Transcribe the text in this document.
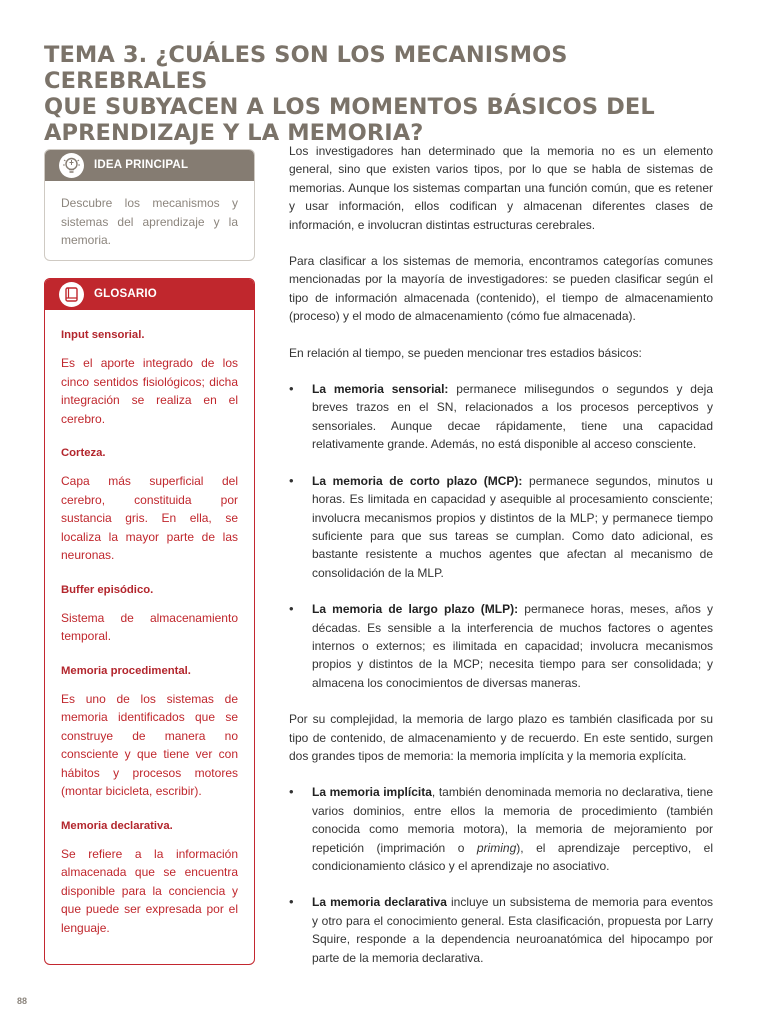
TEMA 3. ¿CUÁLES SON LOS MECANISMOS CEREBRALES
QUE SUBYACEN A LOS MOMENTOS BÁSICOS DEL
APRENDIZAJE Y LA MEMORIA?
IDEA PRINCIPAL
Descubre los mecanismos y sistemas del aprendizaje y la memoria.
GLOSARIO
Input sensorial.
Es el aporte integrado de los cinco sentidos fisiológicos; dicha integración se realiza en el cerebro.
Corteza.
Capa más superficial del cerebro, constituida por sustancia gris. En ella, se localiza la mayor parte de las neuronas.
Buffer episódico.
Sistema de almacenamiento temporal.
Memoria procedimental.
Es uno de los sistemas de memoria identificados que se construye de manera no consciente y que tiene ver con hábitos y procesos motores (montar bicicleta, escribir).
Memoria declarativa.
Se refiere a la información almacenada que se encuentra disponible para la conciencia y que puede ser expresada por el lenguaje.

Los investigadores han determinado que la memoria no es un elemento general, sino que existen varios tipos, por lo que se habla de sistemas de memorias. Aunque los sistemas compartan una función común, que es retener y usar información, ellos codifican y almacenan diferentes clases de información, e involucran distintas estructuras cerebrales.

Para clasificar a los sistemas de memoria, encontramos categorías comunes mencionadas por la mayoría de investigadores: se pueden clasificar según el tipo de información almacenada (contenido), el tiempo de almacenamiento (proceso) y el modo de almacenamiento (cómo fue almacenada).

En relación al tiempo, se pueden mencionar tres estadios básicos:

• La memoria sensorial: permanece milisegundos o segundos y deja breves trazos en el SN, relacionados a los procesos perceptivos y sensoriales. Aunque decae rápidamente, tiene una capacidad relativamente grande. Además, no está disponible al acceso consciente.
• La memoria de corto plazo (MCP): permanece segundos, minutos u horas. Es limitada en capacidad y asequible al procesamiento consciente; involucra mecanismos propios y distintos de la MLP; y permanece tiempo suficiente para que sus tareas se cumplan. Como dato adicional, es bastante resistente a muchos agentes que afectan al mecanismo de consolidación de la MLP.
• La memoria de largo plazo (MLP): permanece horas, meses, años y décadas. Es sensible a la interferencia de muchos factores o agentes internos o externos; es ilimitada en capacidad; involucra mecanismos propios y distintos de la MCP; necesita tiempo para ser consolidada; y almacena los conocimientos de diversas maneras.

Por su complejidad, la memoria de largo plazo es también clasificada por su tipo de contenido, de almacenamiento y de recuerdo. En este sentido, surgen dos grandes tipos de memoria: la memoria implícita y la memoria explícita.

• La memoria implícita, también denominada memoria no declarativa, tiene varios dominios, entre ellos la memoria de procedimiento (también conocida como memoria motora), la memoria de mejoramiento por repetición (imprimación o priming), el aprendizaje perceptivo, el condicionamiento clásico y el aprendizaje no asociativo.
• La memoria declarativa incluye un subsistema de memoria para eventos y otro para el conocimiento general. Esta clasificación, propuesta por Larry Squire, responde a la dependencia neuroanatómica del hipocampo por parte de la memoria declarativa.
88
